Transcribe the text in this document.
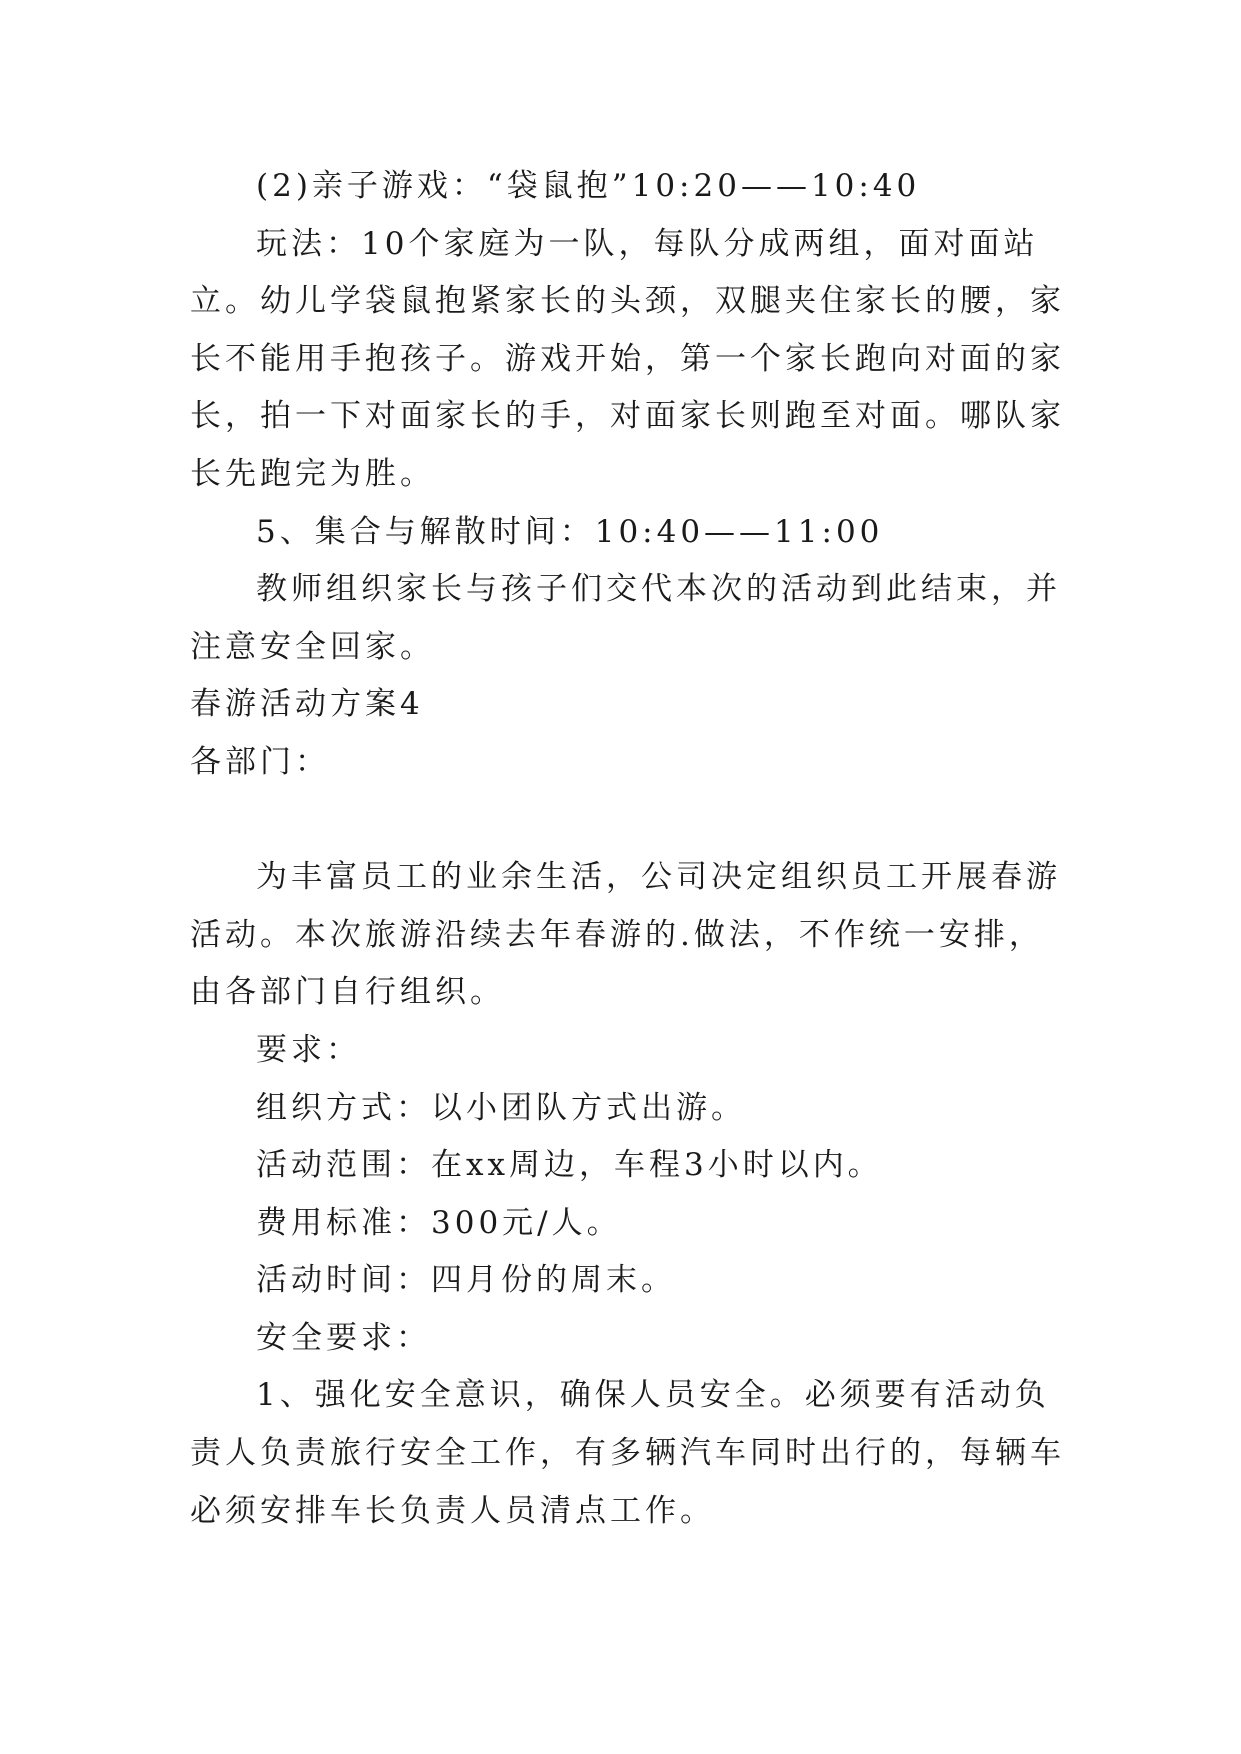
(2)亲子游戏：“袋鼠抱”10:20——10:40

玩法：10个家庭为一队，每队分成两组，面对面站立。幼儿学袋鼠抱紧家长的头颈，双腿夹住家长的腰，家长不能用手抱孩子。游戏开始，第一个家长跑向对面的家长，拍一下对面家长的手，对面家长则跑至对面。哪队家长先跑完为胜。

5、集合与解散时间：10:40——11:00

教师组织家长与孩子们交代本次的活动到此结束，并注意安全回家。

春游活动方案4

各部门：

为丰富员工的业余生活，公司决定组织员工开展春游活动。本次旅游沿续去年春游的.做法，不作统一安排，由各部门自行组织。

要求：

组织方式：以小团队方式出游。

活动范围：在xx周边，车程3小时以内。

费用标准：300元/人。

活动时间：四月份的周末。

安全要求：

1、强化安全意识，确保人员安全。必须要有活动负责人负责旅行安全工作，有多辆汽车同时出行的，每辆车必须安排车长负责人员清点工作。
